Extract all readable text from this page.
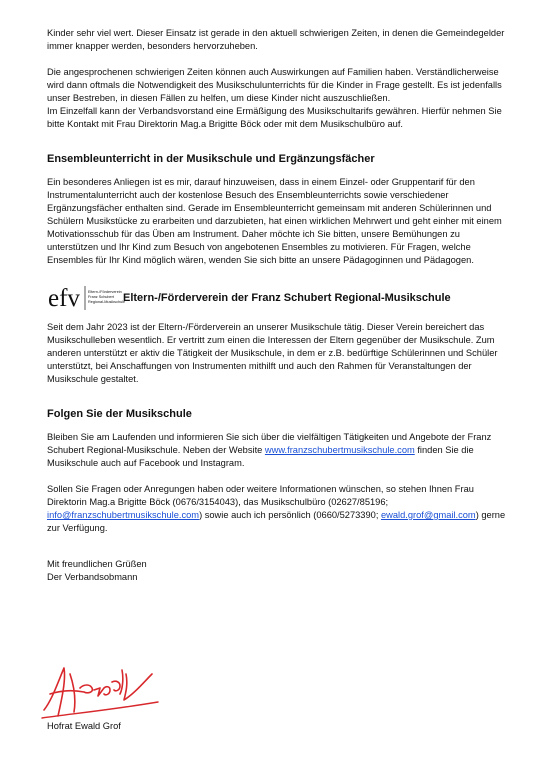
Kinder sehr viel wert. Dieser Einsatz ist gerade in den aktuell schwierigen Zeiten, in denen die Gemeindegelder immer knapper werden, besonders hervorzuheben.

Die angesprochenen schwierigen Zeiten können auch Auswirkungen auf Familien haben. Verständlicherweise wird dann oftmals die Notwendigkeit des Musikschulunterrichts für die Kinder in Frage gestellt. Es ist jedenfalls unser Bestreben, in diesen Fällen zu helfen, um diese Kinder nicht auszuschließen.

Im Einzelfall kann der Verbandsvorstand eine Ermäßigung des Musikschultarifs gewähren. Hierfür nehmen Sie bitte Kontakt mit Frau Direktorin Mag.a Brigitte Böck oder mit dem Musikschulbüro auf.

Ensembleunterricht in der Musikschule und Ergänzungsfächer

Ein besonderes Anliegen ist es mir, darauf hinzuweisen, dass in einem Einzel- oder Gruppentarif für den Instrumentalunterricht auch der kostenlose Besuch des Ensembleunterrichts sowie verschiedener Ergänzungsfächer enthalten sind. Gerade im Ensembleunterricht gemeinsam mit anderen Schülerinnen und Schülern Musikstücke zu erarbeiten und darzubieten, hat einen wirklichen Mehrwert und geht einher mit einem Motivationsschub für das Üben am Instrument. Daher möchte ich Sie bitten, unsere Bemühungen zu unterstützen und Ihr Kind zum Besuch von angebotenen Ensembles zu motivieren. Für Fragen, welche Ensembles für Ihr Kind möglich wären, wenden Sie sich bitte an unsere Pädagoginnen und Pädagogen.

efv Eltern-/Förderverein
Franz Schubert
Regional-Musikschule
Eltern-/Förderverein der Franz Schubert Regional-Musikschule

Seit dem Jahr 2023 ist der Eltern-/Förderverein an unserer Musikschule tätig. Dieser Verein bereichert das Musikschulleben wesentlich. Er vertritt zum einen die Interessen der Eltern gegenüber der Musikschule. Zum anderen unterstützt er aktiv die Tätigkeit der Musikschule, in dem er z.B. bedürftige Schülerinnen und Schüler unterstützt, bei Anschaffungen von Instrumenten mithilft und auch den Rahmen für Veranstaltungen der Musikschule gestaltet.

Folgen Sie der Musikschule

Bleiben Sie am Laufenden und informieren Sie sich über die vielfältigen Tätigkeiten und Angebote der Franz Schubert Regional-Musikschule. Neben der Website www.franzschubertmusikschule.com finden Sie die Musikschule auch auf Facebook und Instagram.

Sollen Sie Fragen oder Anregungen haben oder weitere Informationen wünschen, so stehen Ihnen Frau Direktorin Mag.a Brigitte Böck (0676/3154043), das Musikschulbüro (02627/85196; info@franzschubertmusikschule.com) sowie auch ich persönlich (0660/5273390; ewald.grof@gmail.com) gerne zur Verfügung.

Mit freundlichen Grüßen

Der Verbandsobmann

Hofrat Ewald Grof
